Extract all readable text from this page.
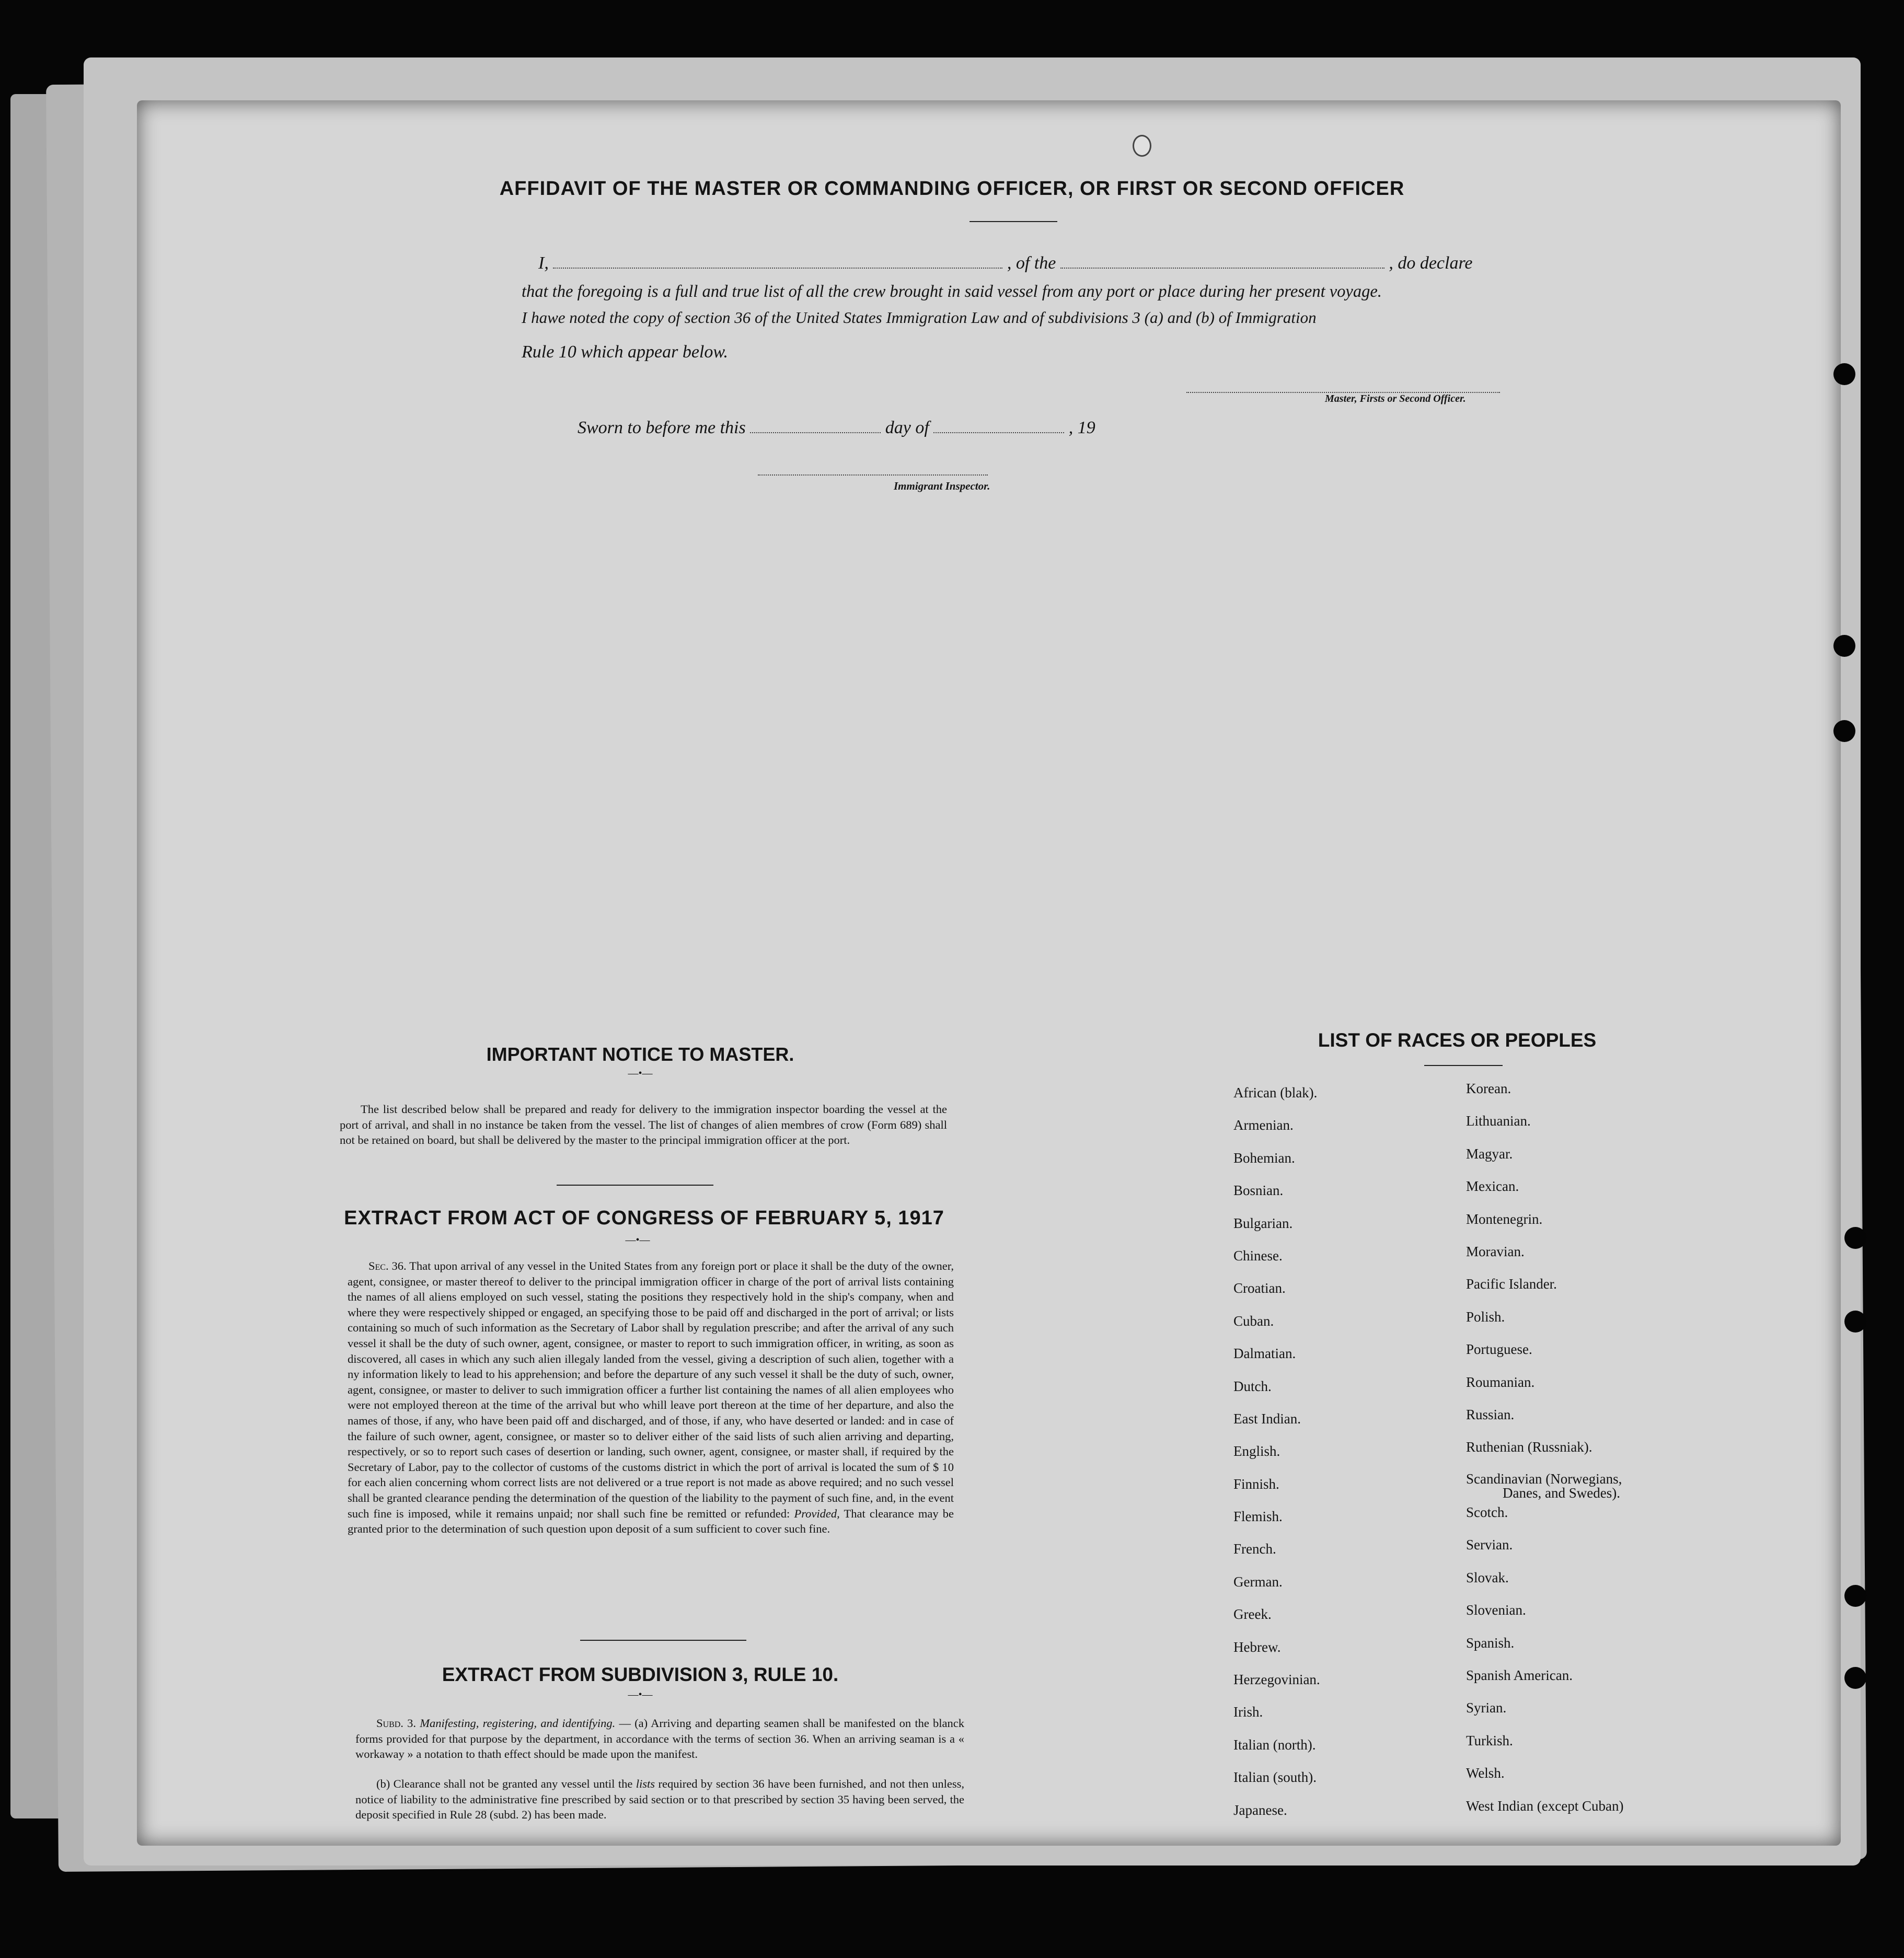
AFFIDAVIT OF THE MASTER OR COMMANDING OFFICER, OR FIRST OR SECOND OFFICER
I,	, of the	, do declare
that the foregoing is a full and true list of all the crew brought in said vessel from any port or place during her present voyage.
I hawe noted the copy of section 36 of the United States Immigration Law and of subdivisions 3 (a) and (b) of Immigration
Rule 10 which appear below.
Master, Firsts or Second Officer.
Sworn to before me this	day of	, 19
Immigrant Inspector.
IMPORTANT NOTICE TO MASTER.
—•—

The list described below shall be prepared and ready for delivery to the immigration inspector boarding the vessel at the port of arrival, and shall in no instance be taken from the vessel. The list of changes of alien membres of crow (Form 689) shall not be retained on board, but shall be delivered by the master to the principal immigration officer at the port.

EXTRACT FROM ACT OF CONGRESS OF FEBRUARY 5, 1917
—•—

Sec. 36. That upon arrival of any vessel in the United States from any foreign port or place it shall be the duty of the owner, agent, consignee, or master thereof to deliver to the principal immigration officer in charge of the port of arrival lists containing the names of all aliens employed on such vessel, stating the positions they respectively hold in the ship's company, when and where they were respectively shipped or engaged, an specifying those to be paid off and discharged in the port of arrival; or lists containing so much of such information as the Secretary of Labor shall by regulation prescribe; and after the arrival of any such vessel it shall be the duty of such owner, agent, consignee, or master to report to such immigration officer, in writing, as soon as discovered, all cases in which any such alien illegaly landed from the vessel, giving a description of such alien, together with a ny information likely to lead to his apprehension; and before the departure of any such vessel it shall be the duty of such, owner, agent, consignee, or master to deliver to such immigration officer a further list containing the names of all alien employees who were not employed thereon at the time of the arrival but who whill leave port thereon at the time of her departure, and also the names of those, if any, who have been paid off and discharged, and of those, if any, who have deserted or landed: and in case of the failure of such owner, agent, consignee, or master so to deliver either of the said lists of such alien arriving and departing, respectively, or so to report such cases of desertion or landing, such owner, agent, consignee, or master shall, if required by the Secretary of Labor, pay to the collector of customs of the customs district in which the port of arrival is located the sum of $ 10 for each alien concerning whom correct lists are not delivered or a true report is not made as above required; and no such vessel shall be granted clearance pending the determination of the question of the liability to the payment of such fine, and, in the event such fine is imposed, while it remains unpaid; nor shall such fine be remitted or refunded: Provided, That clearance may be granted prior to the determination of such question upon deposit of a sum sufficient to cover such fine.

EXTRACT FROM SUBDIVISION 3, RULE 10.
—•—

Subd. 3. Manifesting, registering, and identifying. — (a) Arriving and departing seamen shall be manifested on the blanck forms provided for that purpose by the department, in accordance with the terms of section 36. When an arriving seaman is a « workaway » a notation to thath effect should be made upon the manifest.

(b) Clearance shall not be granted any vessel until the lists required by section 36 have been furnished, and not then unless, notice of liability to the administrative fine prescribed by said section or to that prescribed by section 35 having been served, the deposit specified in Rule 28 (subd. 2) has been made.

LIST OF RACES OR PEOPLES
African (blak).
Armenian.
Bohemian.
Bosnian.
Bulgarian.
Chinese.
Croatian.
Cuban.
Dalmatian.
Dutch.
East Indian.
English.
Finnish.
Flemish.
French.
German.
Greek.
Hebrew.
Herzegovinian.
Irish.
Italian (north).
Italian (south).
Japanese.
Korean.
Lithuanian.
Magyar.
Mexican.
Montenegrin.
Moravian.
Pacific Islander.
Polish.
Portuguese.
Roumanian.
Russian.
Ruthenian (Russniak).
Scandinavian (Norwegians,
Danes, and Swedes).
Scotch.
Servian.
Slovak.
Slovenian.
Spanish.
Spanish American.
Syrian.
Turkish.
Welsh.
West Indian (except Cuban)
